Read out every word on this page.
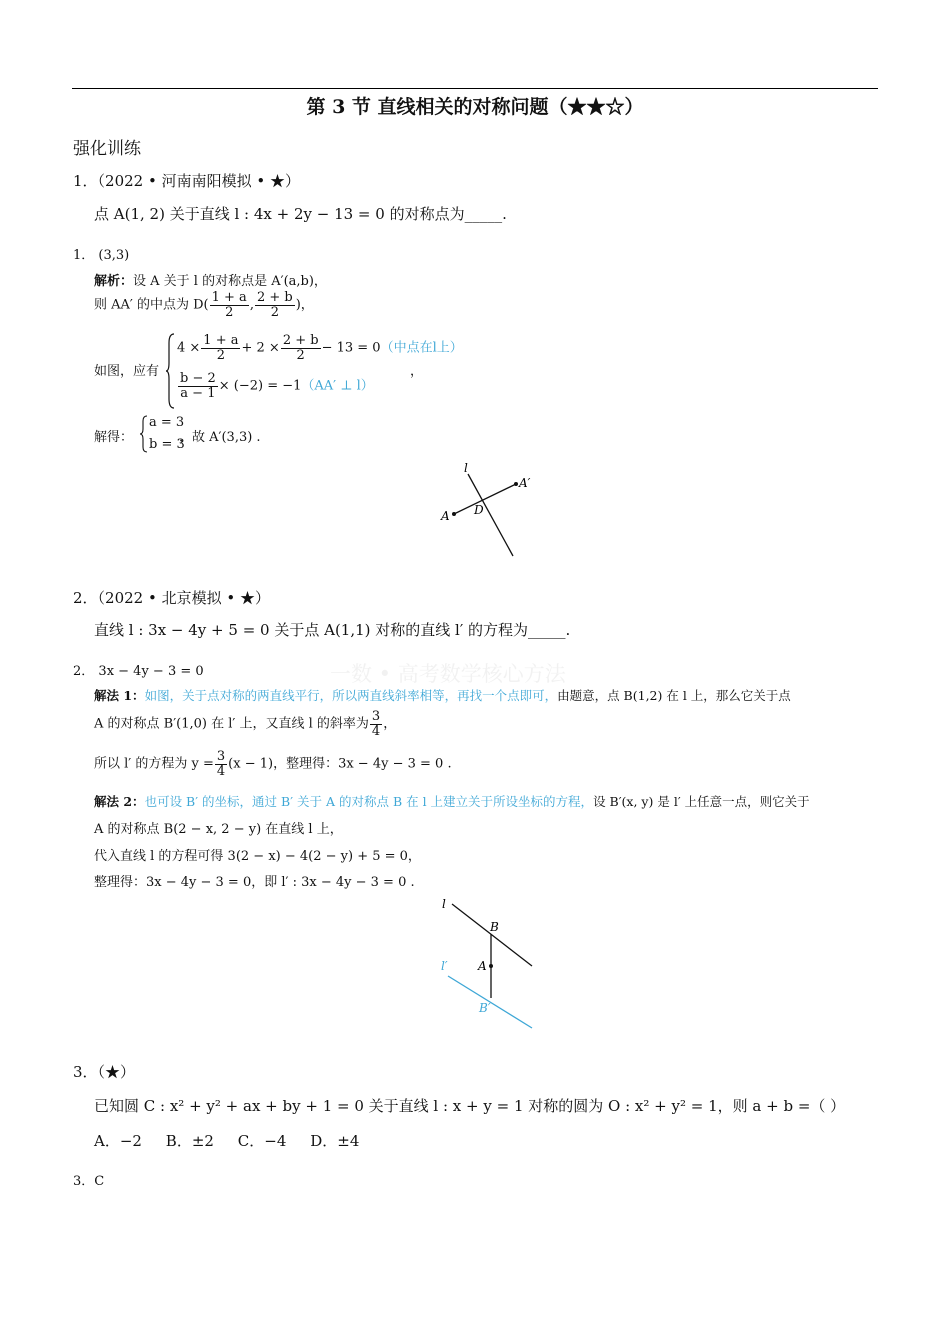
第 3 节 直线相关的对称问题（★★☆）
强化训练
一数 • 高考数学核心方法
1．（2022 • 河南南阳模拟 • ★）
点 A(1, 2) 关于直线 l : 4x + 2y − 13 = 0 的对称点为_____.
1． (3,3)
解析：设 A 关于 l 的对称点是 A′(a,b)，
则 AA′ 的中点为 $D( \frac{1 + a}{2}$ , $\frac{2 + b}{2}$ )，
如图，应有
$4 \times \frac{1 + a}{2} + 2 \times \frac{2 + b}{2} - 13 = 0$（中点在l上）
$\frac{b - 2}{a - 1} \times (-2) = -1(AA'$ ⊥ l）
，
解得：
a = 3
b = 3
，故 A′(3,3) .
l
A D
A′
2．（2022 • 北京模拟 • ★）
直线 l : 3x − 4y + 5 = 0 关于点 A(1,1) 对称的直线 l′ 的方程为_____.
2． 3x − 4y − 3 = 0
解法 1：如图，关于点对称的两直线平行，所以两直线斜率相等，再找一个点即可，由题意，点 B(1,2) 在 l 上，那么它关于点
A 的对称点 B′(1,0) 在 l′ 上，又直线 l 的斜率为 $\frac{3}{4}$ ，
所以 l′ 的方程为 $y = \frac{3}{4} (x - 1)$，整理得：3x − 4y − 3 = 0 .
解法 2：也可设 B′ 的坐标，通过 B′ 关于 A 的对称点 B 在 l 上建立关于所设坐标的方程，设 B′(x, y) 是 l′ 上任意一点，则它关于
A 的对称点 B(2 − x, 2 − y) 在直线 l 上，
代入直线 l 的方程可得 3(2 − x) − 4(2 − y) + 5 = 0，
整理得：3x − 4y − 3 = 0，即 l′ : 3x − 4y − 3 = 0 .
l
B
A
l′
B′
3．（★）
已知圆 C : x² + y² + ax + by + 1 = 0 关于直线 l : x + y = 1 对称的圆为 O : x² + y² = 1，则 a + b =（ ）
A．−2 B．±2 C．−4 D．±4
3．C
